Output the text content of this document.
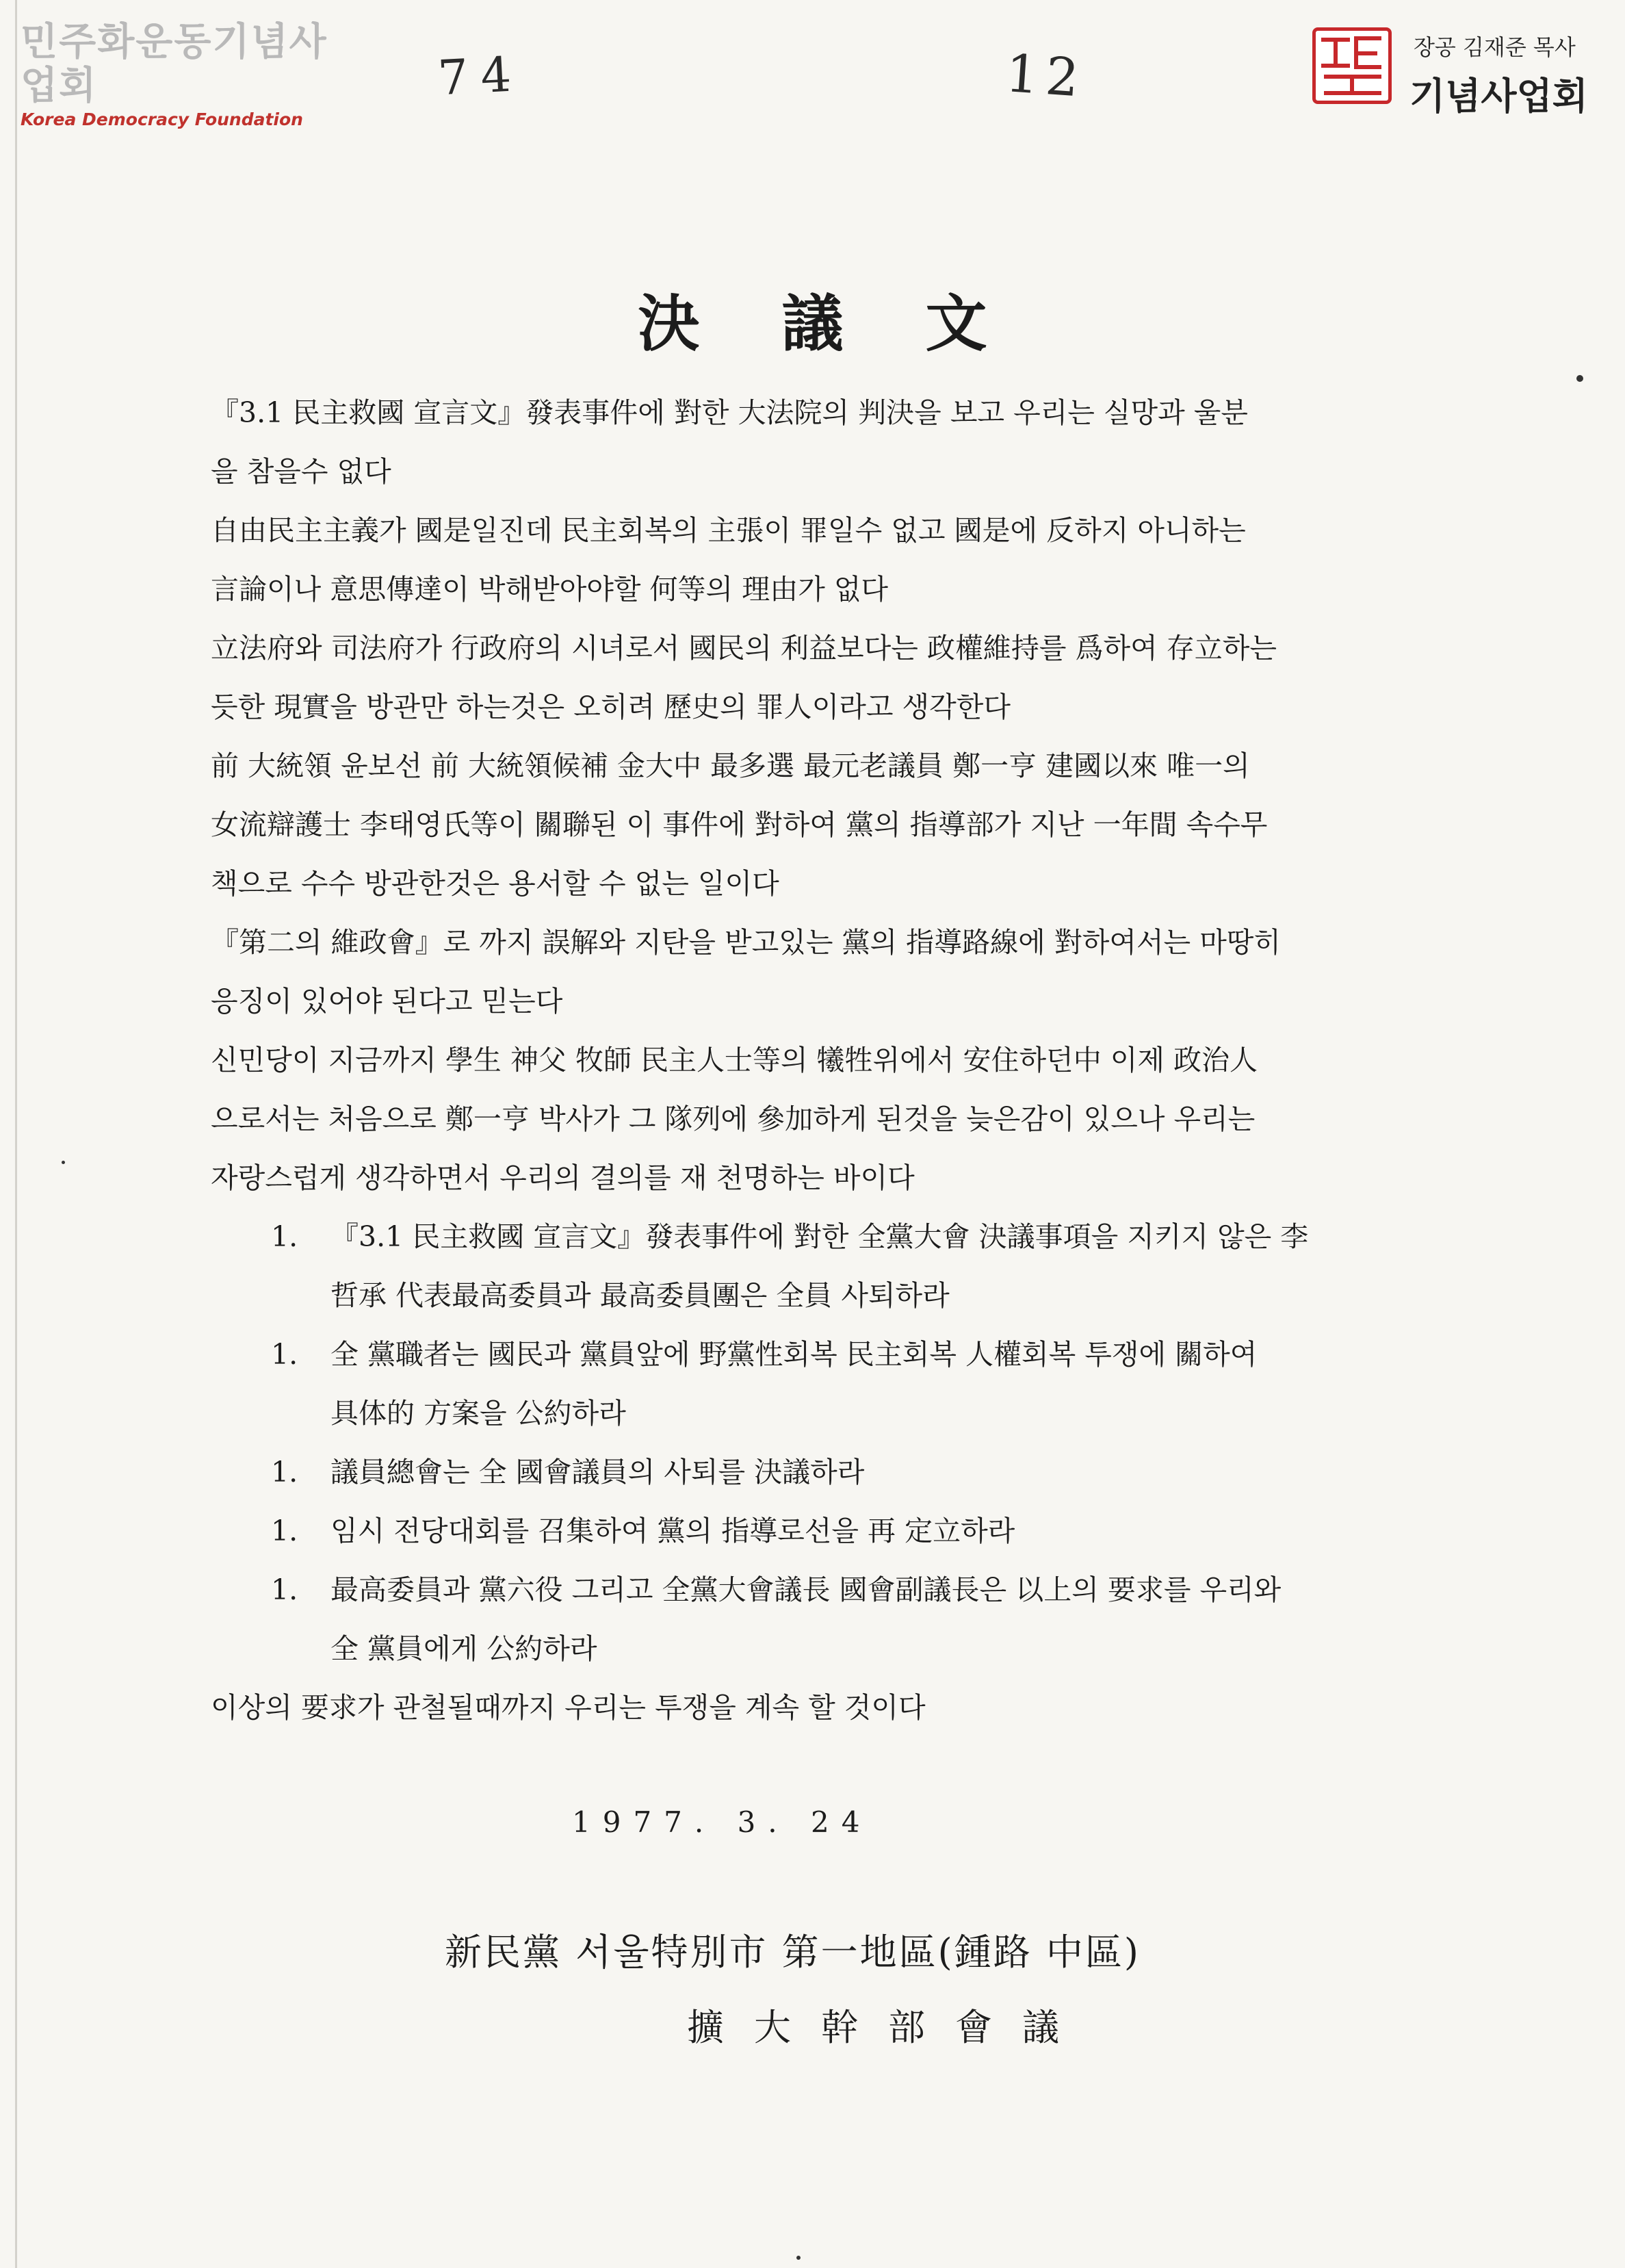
민주화운동기념사업회
Korea Democracy Foundation
장공 김재준 목사
기념사업회
74	12
決議文
『3.1 民主救國 宣言文』發表事件에 對한 大法院의 判決을 보고 우리는 실망과 울분
을 참을수 없다
自由民主主義가 國是일진데 民主회복의 主張이 罪일수 없고 國是에 反하지 아니하는
言論이나 意思傳達이 박해받아야할 何等의 理由가 없다
立法府와 司法府가 行政府의 시녀로서 國民의 利益보다는 政權維持를 爲하여 存立하는
듯한 現實을 방관만 하는것은 오히려 歷史의 罪人이라고 생각한다
前 大統領 윤보선 前 大統領候補 金大中 最多選 最元老議員 鄭一亨 建國以來 唯一의
女流辯護士 李태영氏等이 關聯된 이 事件에 對하여 黨의 指導部가 지난 一年間 속수무
책으로 수수 방관한것은 용서할 수 없는 일이다
『第二의 維政會』로 까지 誤解와 지탄을 받고있는 黨의 指導路線에 對하여서는 마땅히
응징이 있어야 된다고 믿는다
신민당이 지금까지 學生 神父 牧師 民主人士等의 犧牲위에서 安住하던中 이제 政治人
으로서는 처음으로 鄭一亨 박사가 그 隊列에 參加하게 된것을 늦은감이 있으나 우리는
자랑스럽게 생각하면서 우리의 결의를 재 천명하는 바이다
1.	『3.1 民主救國 宣言文』發表事件에 對한 全黨大會 決議事項을 지키지 않은 李
哲承 代表最高委員과 最高委員團은 全員 사퇴하라
1.	全 黨職者는 國民과 黨員앞에 野黨性회복 民主회복 人權회복 투쟁에 關하여
具体的 方案을 公約하라
1.	議員總會는 全 國會議員의 사퇴를 決議하라
1.	임시 전당대회를 召集하여 黨의 指導로선을 再 定立하라
1.	最高委員과 黨六役 그리고 全黨大會議長 國會副議長은 以上의 要求를 우리와
全 黨員에게 公約하라
이상의 要求가 관철될때까지 우리는 투쟁을 계속 할 것이다
1977. 3. 24
新民黨 서울特別市 第一地區(鍾路 中區)
擴大幹部會議
